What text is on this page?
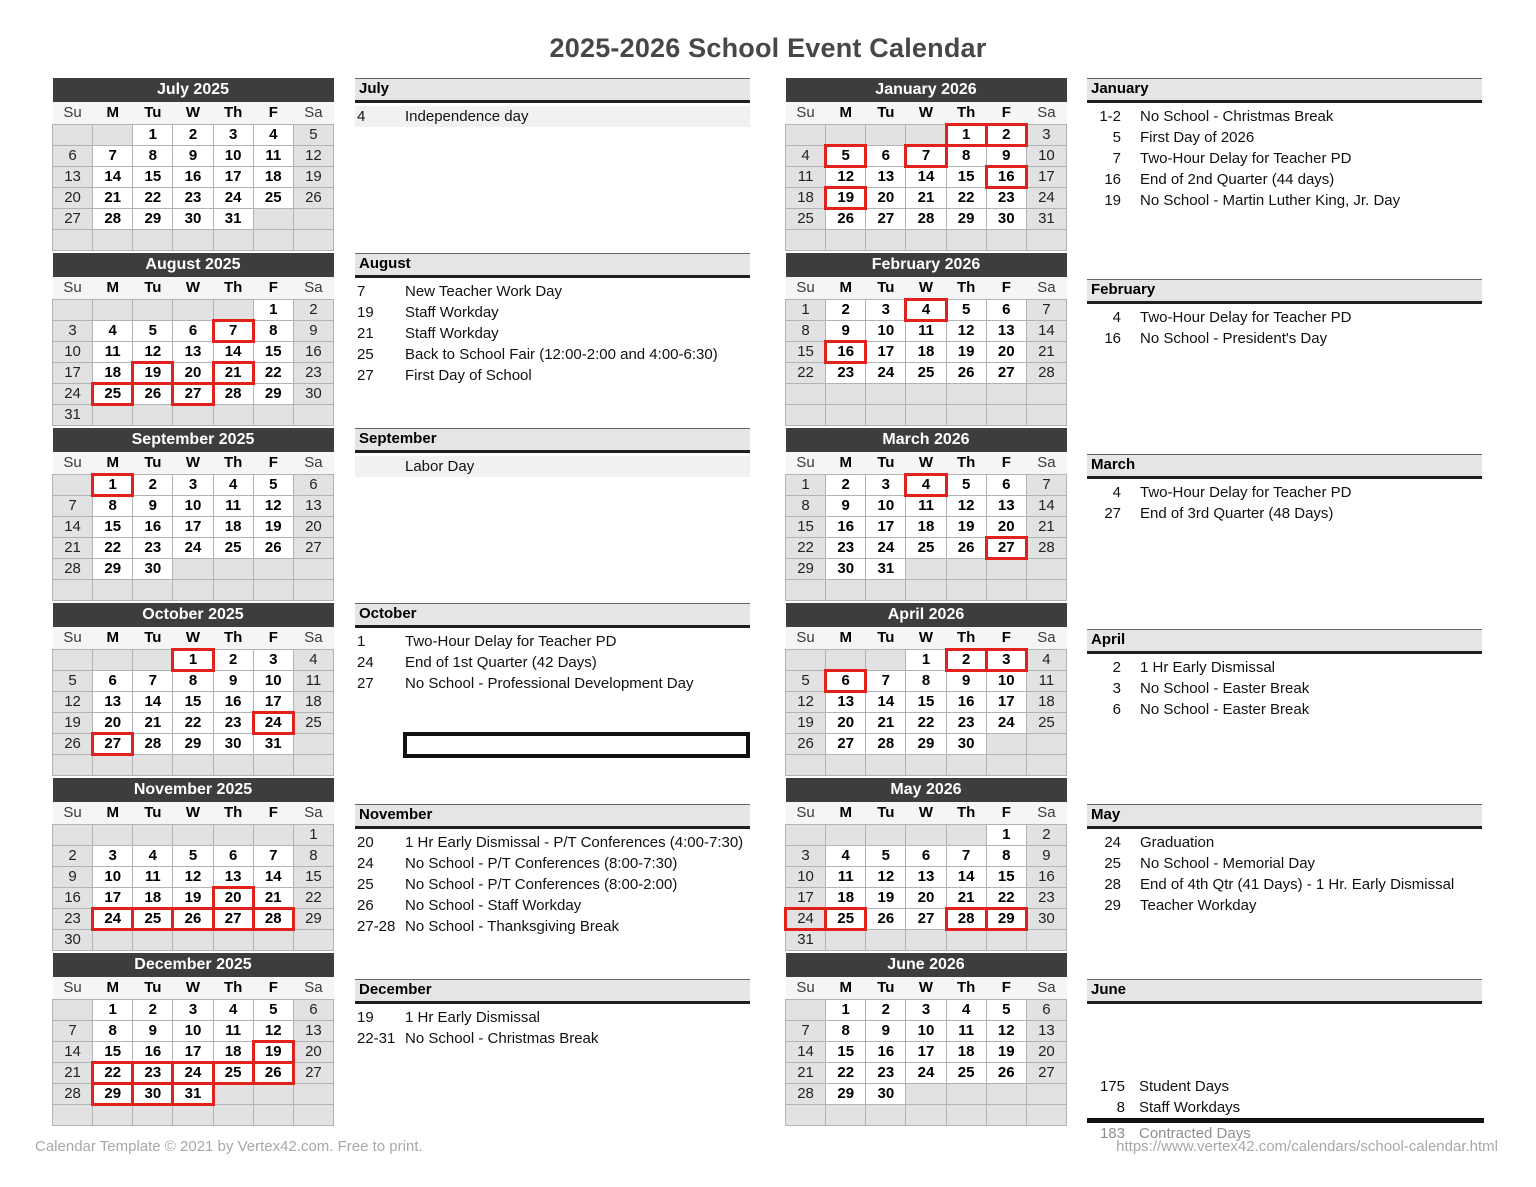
2025-2026 School Event Calendar
July 2025						
Su	M	Tu	W	Th	F	Sa
		1	2	3	4	5
6	7	8	9	10	11	12
13	14	15	16	17	18	19
20	21	22	23	24	25	26
27	28	29	30	31		

July
4	Independence day
August 2025						
Su	M	Tu	W	Th	F	Sa
					1	2
3	4	5	6	7	8	9
10	11	12	13	14	15	16
17	18	19	20	21	22	23
24	25	26	27	28	29	30
31						
August
7	New Teacher Work Day
19	Staff Workday
21	Staff Workday
25	Back to School Fair (12:00-2:00 and 4:00-6:30)
27	First Day of School
September 2025						
Su	M	Tu	W	Th	F	Sa
	1	2	3	4	5	6
7	8	9	10	11	12	13
14	15	16	17	18	19	20
21	22	23	24	25	26	27
28	29	30				

September
Labor Day
October 2025						
Su	M	Tu	W	Th	F	Sa
			1	2	3	4
5	6	7	8	9	10	11
12	13	14	15	16	17	18
19	20	21	22	23	24	25
26	27	28	29	30	31	

October
1	Two-Hour Delay for Teacher PD
24	End of 1st Quarter (42 Days)
27	No School - Professional Development Day
November 2025						
Su	M	Tu	W	Th	F	Sa
						1
2	3	4	5	6	7	8
9	10	11	12	13	14	15
16	17	18	19	20	21	22
23	24	25	26	27	28	29
30						
November
20	1 Hr Early Dismissal - P/T Conferences (4:00-7:30)
24	No School - P/T Conferences (8:00-7:30)
25	No School - P/T Conferences (8:00-2:00)
26	No School - Staff Workday
27-28 No School - Thanksgiving Break
December 2025						
Su	M	Tu	W	Th	F	Sa
	1	2	3	4	5	6
7	8	9	10	11	12	13
14	15	16	17	18	19	20
21	22	23	24	25	26	27
28	29	30	31			

December
19	1 Hr Early Dismissal
22-31 No School - Christmas Break
January 2026						
Su	M	Tu	W	Th	F	Sa
				1	2	3
4	5	6	7	8	9	10
11	12	13	14	15	16	17
18	19	20	21	22	23	24
25	26	27	28	29	30	31

January
1-2 No School - Christmas Break
5 First Day of 2026
7 Two-Hour Delay for Teacher PD
16 End of 2nd Quarter (44 days)
19 No School - Martin Luther King, Jr. Day
February 2026						
Su	M	Tu	W	Th	F	Sa
1	2	3	4	5	6	7
8	9	10	11	12	13	14
15	16	17	18	19	20	21
22	23	24	25	26	27	28

February
4 Two-Hour Delay for Teacher PD
16 No School - President's Day
March 2026						
Su	M	Tu	W	Th	F	Sa
1	2	3	4	5	6	7
8	9	10	11	12	13	14
15	16	17	18	19	20	21
22	23	24	25	26	27	28
29	30	31				

March
4 Two-Hour Delay for Teacher PD
27 End of 3rd Quarter (48 Days)
April 2026						
Su	M	Tu	W	Th	F	Sa
			1	2	3	4
5	6	7	8	9	10	11
12	13	14	15	16	17	18
19	20	21	22	23	24	25
26	27	28	29	30		

April
2 1 Hr Early Dismissal
3 No School - Easter Break
6 No School - Easter Break
May 2026						
Su	M	Tu	W	Th	F	Sa
					1	2
3	4	5	6	7	8	9
10	11	12	13	14	15	16
17	18	19	20	21	22	23
24	25	26	27	28	29	30
31						
May
24 Graduation
25 No School - Memorial Day
28 End of 4th Qtr (41 Days) - 1 Hr. Early Dismissal
29 Teacher Workday
June 2026						
Su	M	Tu	W	Th	F	Sa
	1	2	3	4	5	6
7	8	9	10	11	12	13
14	15	16	17	18	19	20
21	22	23	24	25	26	27
28	29	30				

June
175 Student Days
8 Staff Workdays
183 Contracted Days
Calendar Template © 2021 by Vertex42.com. Free to print.	https://www.vertex42.com/calendars/school-calendar.html
